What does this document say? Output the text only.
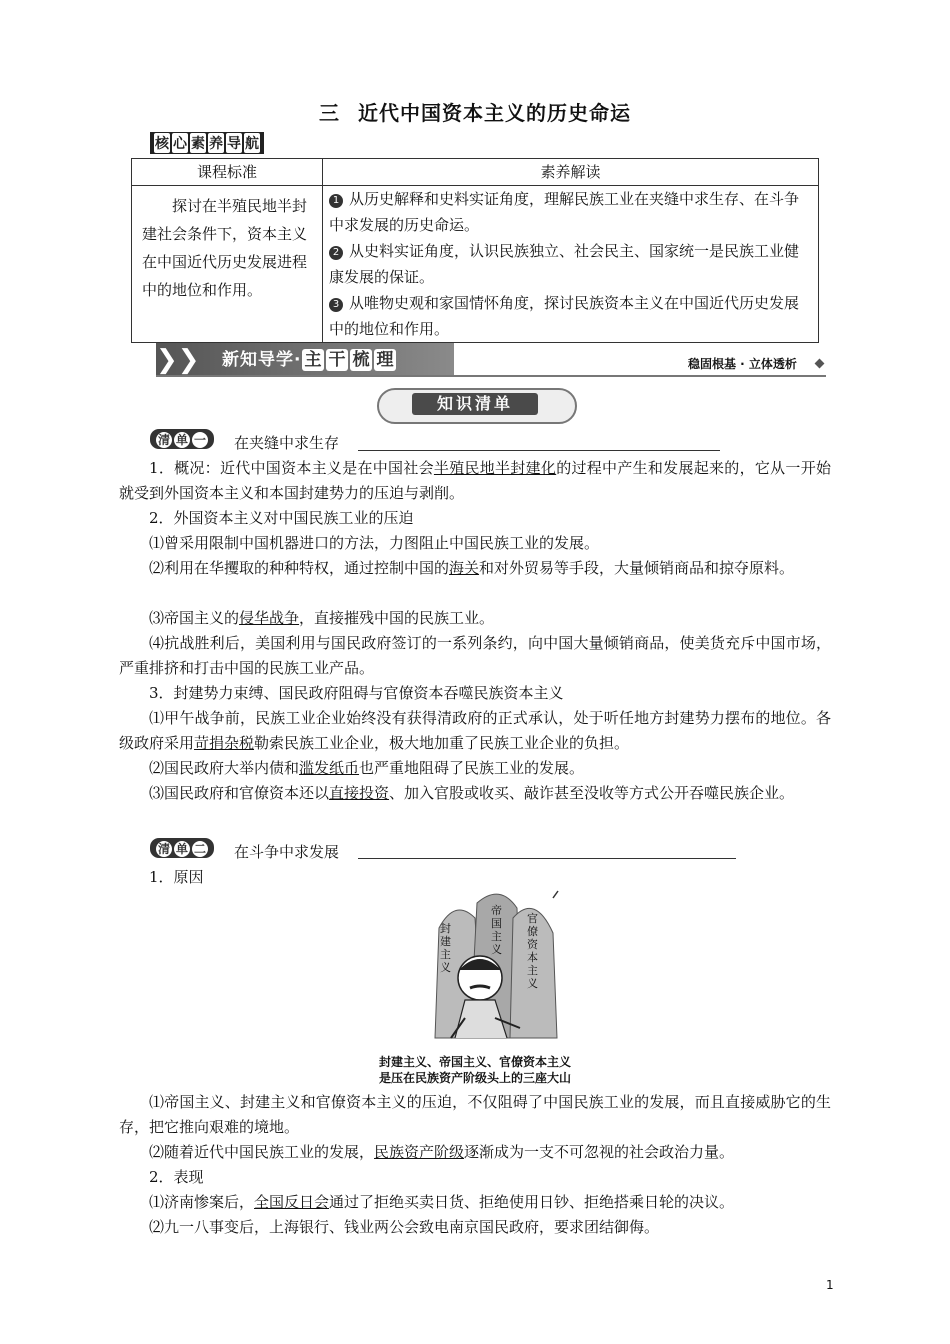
三 近代中国资本主义的历史命运
核 心 素 养 导 航
课程标准	素养解读
探讨在半殖民地半封建社会条件下，资本主义在中国近代历史发展进程中的地位和作用。	1 从历史解释和史料实证角度，理解民族工业在夹缝中求生存、在斗争中求发展的历史命运。

2 从史料实证角度，认识民族独立、社会民主、国家统一是民族工业健康发展的保证。

3 从唯物史观和家国情怀角度，探讨民族资本主义在中国近代历史发展中的地位和作用。

❯❯ 新知导学· 主 干 梳 理	稳固根基 · 立体透析
知识清单
清 单 一	在夹缝中求生存
1．概况：近代中国资本主义是在中国社会半殖民地半封建化的过程中产生和发展起来的，它从一开始就受到外国资本主义和本国封建势力的压迫与剥削。
2．外国资本主义对中国民族工业的压迫
⑴曾采用限制中国机器进口的方法，力图阻止中国民族工业的发展。
⑵利用在华攫取的种种特权，通过控制中国的海关和对外贸易等手段，大量倾销商品和掠夺原料。
⑶帝国主义的侵华战争，直接摧残中国的民族工业。
⑷抗战胜利后，美国利用与国民政府签订的一系列条约，向中国大量倾销商品，使美货充斥中国市场，严重排挤和打击中国的民族工业产品。
3．封建势力束缚、国民政府阻碍与官僚资本吞噬民族资本主义
⑴甲午战争前，民族工业企业始终没有获得清政府的正式承认，处于听任地方封建势力摆布的地位。各级政府采用苛捐杂税勒索民族工业企业，极大地加重了民族工业企业的负担。
⑵国民政府大举内债和滥发纸币也严重地阻碍了民族工业的发展。
⑶国民政府和官僚资本还以直接投资、加入官股或收买、敲诈甚至没收等方式公开吞噬民族企业。
清 单 二	在斗争中求发展
1．原因
封建主义
帝国主义
官僚资本主义
封建主义、帝国主义、官僚资本主义
是压在民族资产阶级头上的三座大山
⑴帝国主义、封建主义和官僚资本主义的压迫，不仅阻碍了中国民族工业的发展，而且直接威胁它的生存，把它推向艰难的境地。
⑵随着近代中国民族工业的发展，民族资产阶级逐渐成为一支不可忽视的社会政治力量。
2．表现
⑴济南惨案后，全国反日会通过了拒绝买卖日货、拒绝使用日钞、拒绝搭乘日轮的决议。
⑵九一八事变后，上海银行、钱业两公会致电南京国民政府，要求团结御侮。
1
